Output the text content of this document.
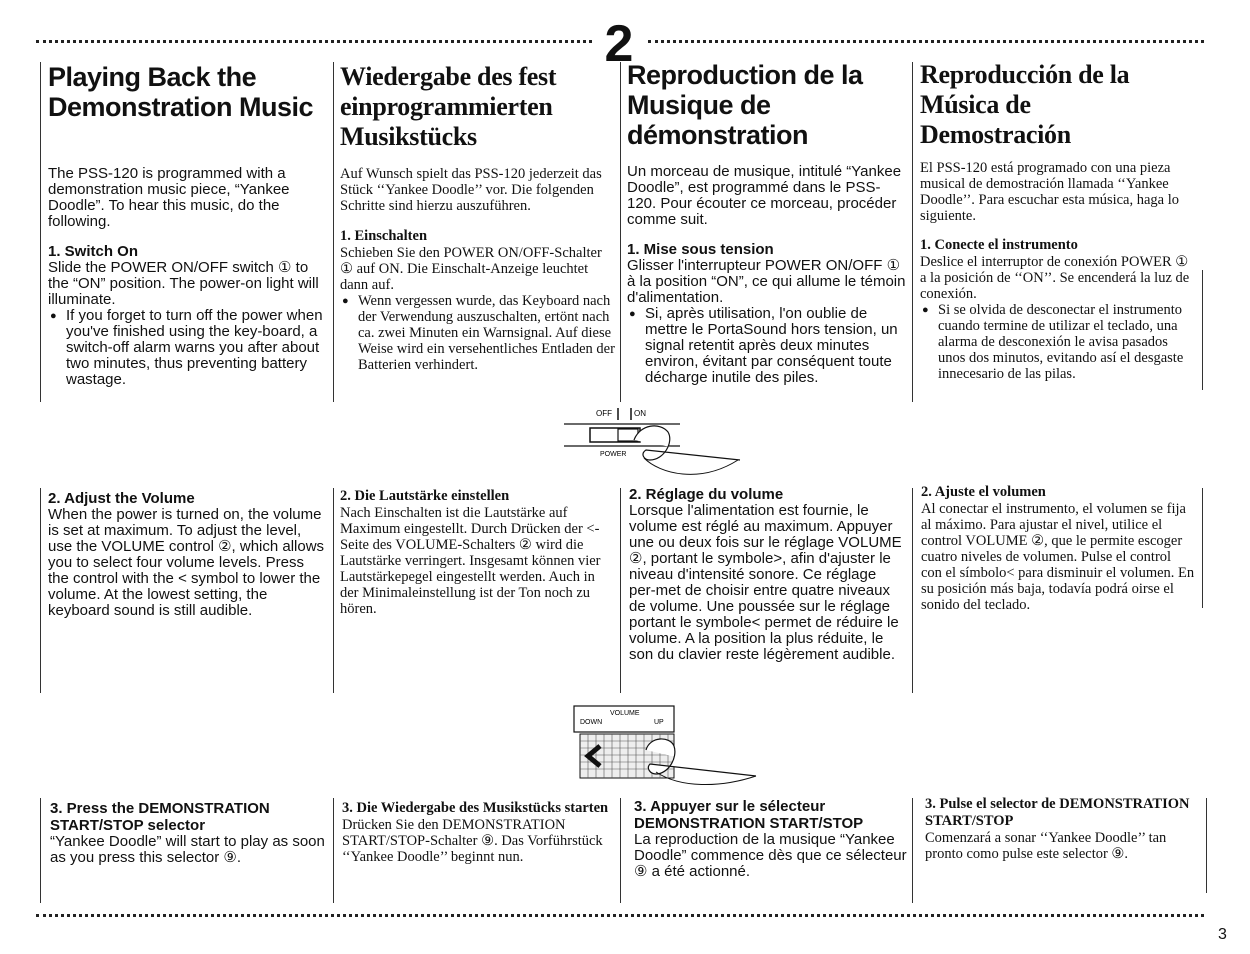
2
3
Playing Back the Demonstration Music

The PSS-120 is programmed with a demonstration music piece, “Yankee Doodle”. To hear this music, do the following.

1. Switch On

Slide the POWER ON/OFF switch ① to the “ON” position. The power-on light will illuminate.

● If you forget to turn off the power when you've finished using the key-board, a switch-off alarm warns you after about two minutes, thus preventing battery wastage.

2. Adjust the Volume

When the power is turned on, the volume is set at maximum. To adjust the level, use the VOLUME control ②, which allows you to select four volume levels. Press the control with the < symbol to lower the volume. At the lowest setting, the keyboard sound is still audible.

3. Press the DEMONSTRATION START/STOP selector

“Yankee Doodle” will start to play as soon as you press this selector ⑨.

Wiedergabe des fest einprogrammierten Musikstücks

Auf Wunsch spielt das PSS-120 jederzeit das Stück ‘‘Yankee Doodle’’ vor. Die folgenden Schritte sind hierzu auszuführen.

1. Einschalten

Schieben Sie den POWER ON/OFF-Schalter ① auf ON. Die Einschalt-Anzeige leuchtet dann auf.

● Wenn vergessen wurde, das Keyboard nach der Verwendung auszuschalten, ertönt nach ca. zwei Minuten ein Warnsignal. Auf diese Weise wird ein versehentliches Entladen der Batterien verhindert.

2. Die Lautstärke einstellen

Nach Einschalten ist die Lautstärke auf Maximum eingestellt. Durch Drücken der <-Seite des VOLUME-Schalters ② wird die Lautstärke verringert. Insgesamt können vier Lautstärkepegel eingestellt werden. Auch in der Minimaleinstellung ist der Ton noch zu hören.

3. Die Wiedergabe des Musikstücks starten

Drücken Sie den DEMONSTRATION START/STOP-Schalter ⑨. Das Vorführstück ‘‘Yankee Doodle’’ beginnt nun.

Reproduction de la Musique de démonstration

Un morceau de musique, intitulé “Yankee Doodle”, est programmé dans le PSS-120. Pour écouter ce morceau, procéder comme suit.

1. Mise sous tension

Glisser l'interrupteur POWER ON/OFF ① à la position “ON”, ce qui allume le témoin d'alimentation.

● Si, après utilisation, l'on oublie de mettre le PortaSound hors tension, un signal retentit après deux minutes environ, évitant par conséquent toute décharge inutile des piles.

2. Réglage du volume

Lorsque l'alimentation est fournie, le volume est réglé au maximum. Appuyer une ou deux fois sur le réglage VOLUME ②, portant le symbole>, afin d'ajuster le niveau d'intensité sonore. Ce réglage per-met de choisir entre quatre niveaux de volume. Une poussée sur le réglage portant le symbole< permet de réduire le volume. A la position la plus réduite, le son du clavier reste légèrement audible.

3. Appuyer sur le sélecteur DEMONSTRATION START/STOP

La reproduction de la musique “Yankee Doodle” commence dès que ce sélecteur ⑨ a été actionné.

Reproducción de la Música de Demostración

El PSS-120 está programado con una pieza musical de demostración llamada ‘‘Yankee Doodle’’. Para escuchar esta música, haga lo siguiente.

1. Conecte el instrumento

Deslice el interruptor de conexión POWER ① a la posición de ‘‘ON’’. Se encenderá la luz de conexión.

● Si se olvida de desconectar el instrumento cuando termine de utilizar el teclado, una alarma de desconexión le avisa pasados unos dos minutos, evitando así el desgaste innecesario de las pilas.

2. Ajuste el volumen

Al conectar el instrumento, el volumen se fija al máximo. Para ajustar el nivel, utilice el control VOLUME ②, que le permite escoger cuatro niveles de volumen. Pulse el control con el símbolo< para disminuir el volumen. En su posición más baja, todavía podrá oirse el sonido del teclado.

3. Pulse el selector de DEMONSTRATION START/STOP

Comenzará a sonar ‘‘Yankee Doodle’’ tan pronto como pulse este selector ⑨.

OFF	ON
POWER
VOLUME
DOWN	UP
